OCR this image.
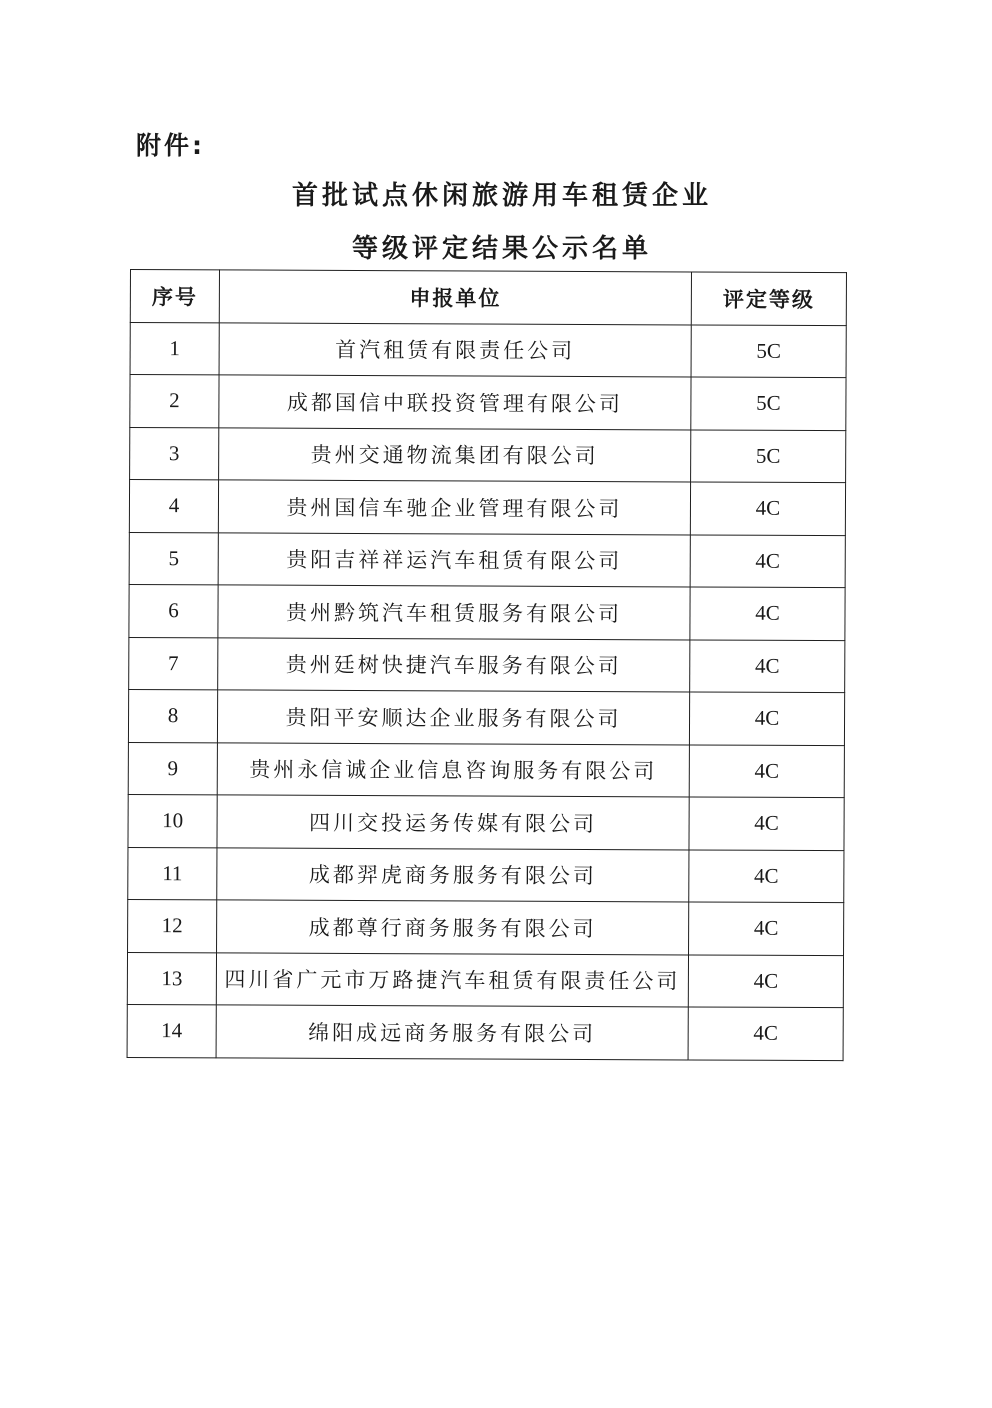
附件:
首批试点休闲旅游用车租赁企业
等级评定结果公示名单
序号	申报单位	评定等级
1	首汽租赁有限责任公司	5C
2	成都国信中联投资管理有限公司	5C
3	贵州交通物流集团有限公司	5C
4	贵州国信车驰企业管理有限公司	4C
5	贵阳吉祥祥运汽车租赁有限公司	4C
6	贵州黔筑汽车租赁服务有限公司	4C
7	贵州廷树快捷汽车服务有限公司	4C
8	贵阳平安顺达企业服务有限公司	4C
9	贵州永信诚企业信息咨询服务有限公司	4C
10	四川交投运务传媒有限公司	4C
11	成都羿虎商务服务有限公司	4C
12	成都尊行商务服务有限公司	4C
13	四川省广元市万路捷汽车租赁有限责任公司	4C
14	绵阳成远商务服务有限公司	4C
